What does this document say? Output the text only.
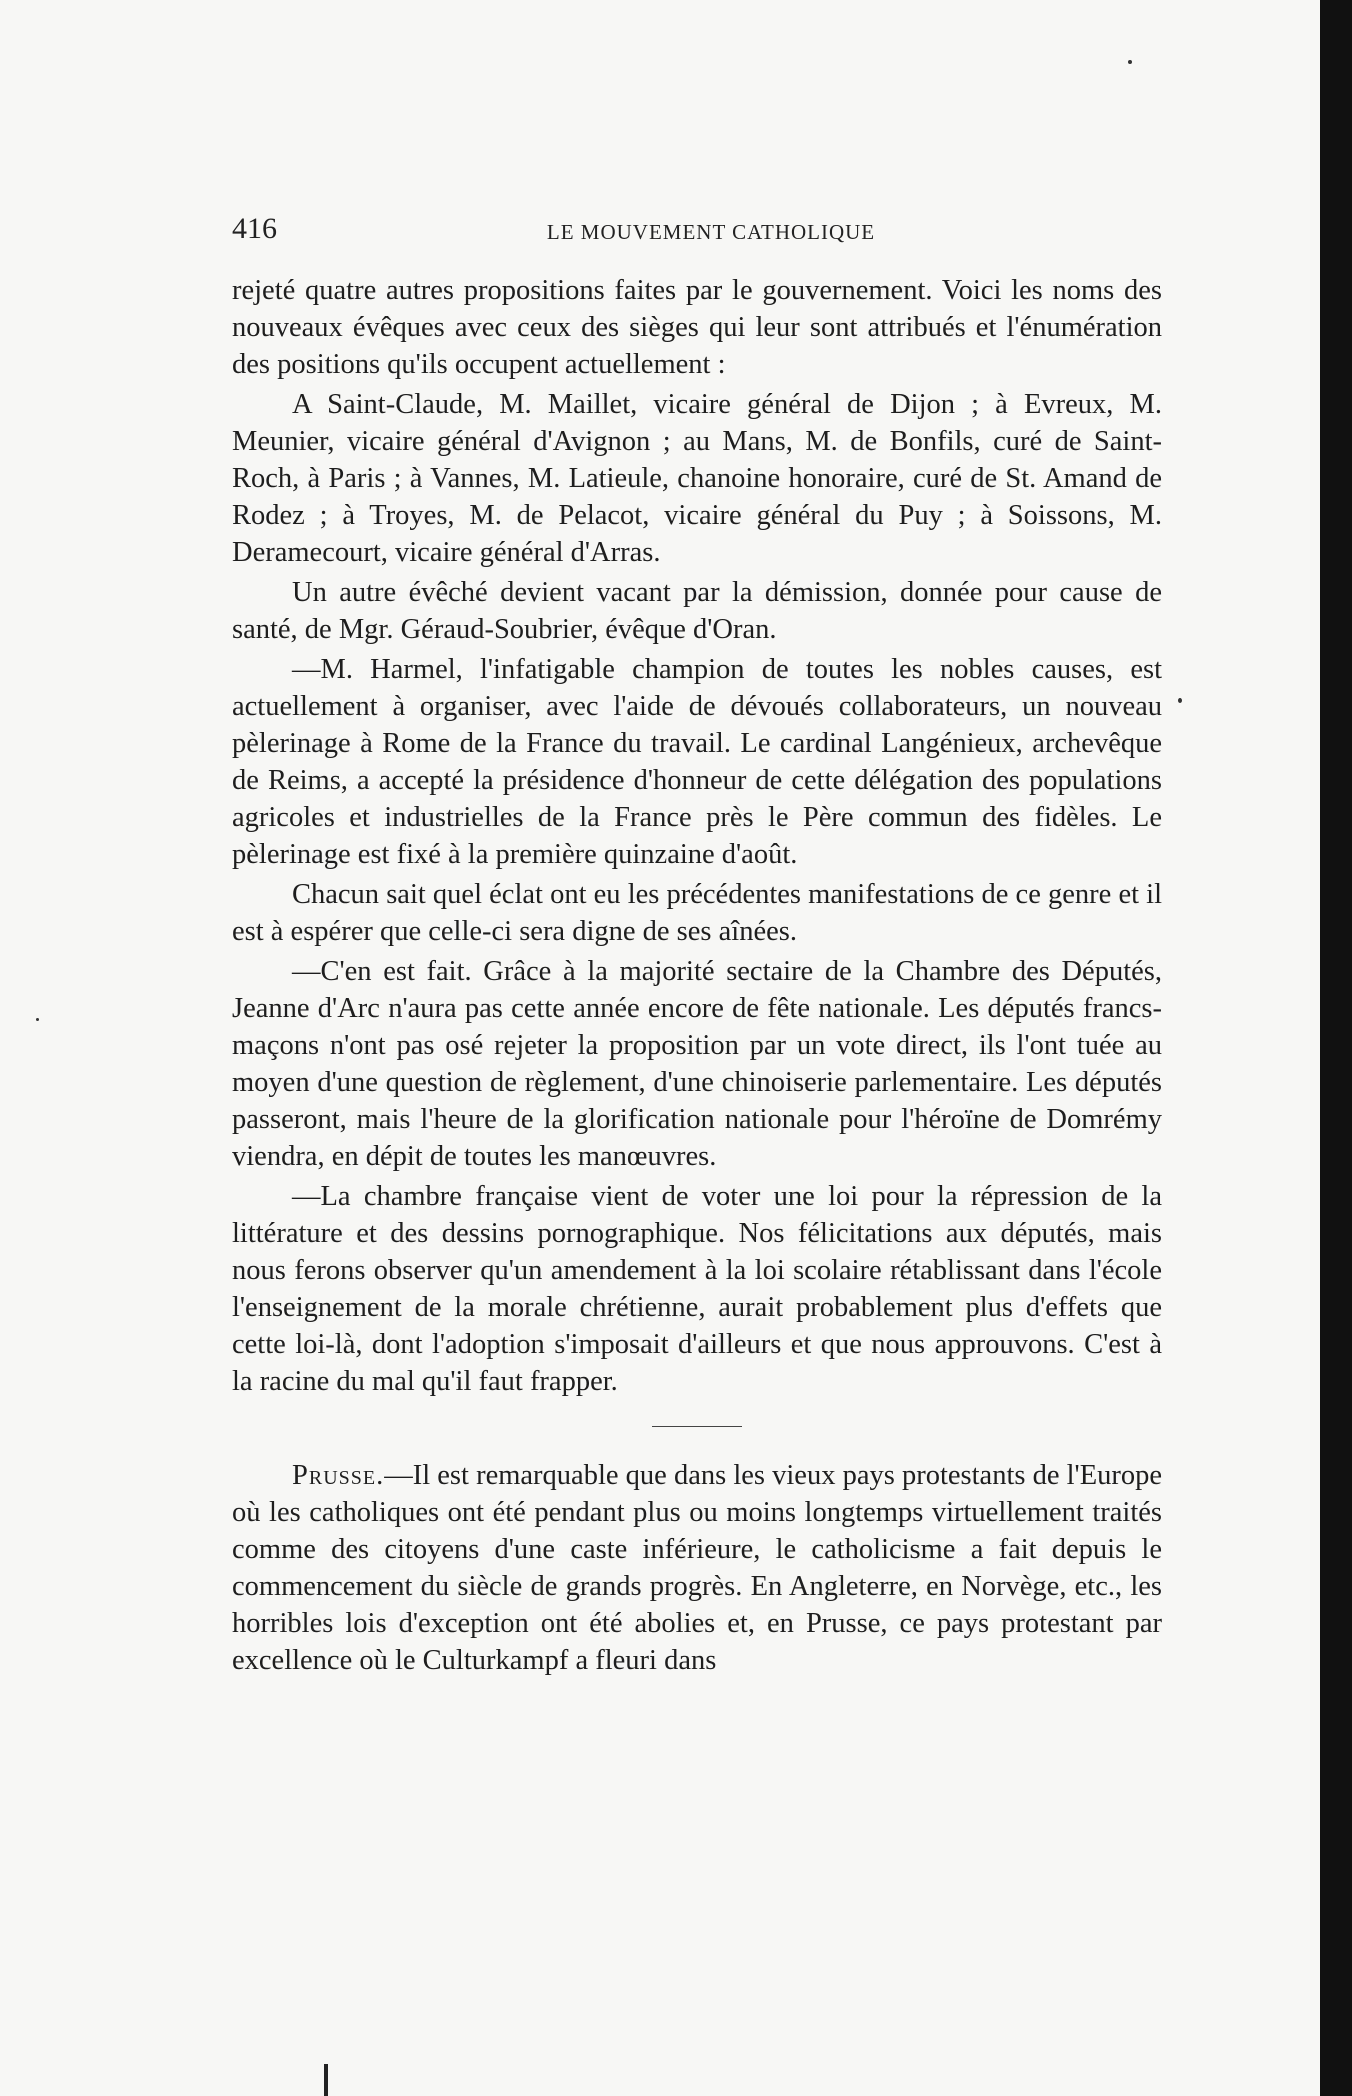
416	LE MOUVEMENT CATHOLIQUE

rejeté quatre autres propositions faites par le gouvernement. Voici les noms des nouveaux évêques avec ceux des sièges qui leur sont attribués et l'énumération des positions qu'ils occupent actuellement :

A Saint-Claude, M. Maillet, vicaire général de Dijon ; à Evreux, M. Meunier, vicaire général d'Avignon ; au Mans, M. de Bonfils, curé de Saint-Roch, à Paris ; à Vannes, M. Latieule, chanoine honoraire, curé de St. Amand de Rodez ; à Troyes, M. de Pelacot, vicaire général du Puy ; à Soissons, M. Deramecourt, vicaire général d'Arras.

Un autre évêché devient vacant par la démission, donnée pour cause de santé, de Mgr. Géraud-Soubrier, évêque d'Oran.

—M. Harmel, l'infatigable champion de toutes les nobles causes, est actuellement à organiser, avec l'aide de dévoués collaborateurs, un nouveau pèlerinage à Rome de la France du travail. Le cardinal Langénieux, archevêque de Reims, a accepté la présidence d'honneur de cette délégation des populations agricoles et industrielles de la France près le Père commun des fidèles. Le pèlerinage est fixé à la première quinzaine d'août.

Chacun sait quel éclat ont eu les précédentes manifestations de ce genre et il est à espérer que celle-ci sera digne de ses aînées.

—C'en est fait. Grâce à la majorité sectaire de la Chambre des Députés, Jeanne d'Arc n'aura pas cette année encore de fête nationale. Les députés francs-maçons n'ont pas osé rejeter la proposition par un vote direct, ils l'ont tuée au moyen d'une question de règlement, d'une chinoiserie parlementaire. Les députés passeront, mais l'heure de la glorification nationale pour l'héroïne de Domrémy viendra, en dépit de toutes les manœuvres.

—La chambre française vient de voter une loi pour la répression de la littérature et des dessins pornographique. Nos félicitations aux députés, mais nous ferons observer qu'un amendement à la loi scolaire rétablissant dans l'école l'enseignement de la morale chrétienne, aurait probablement plus d'effets que cette loi-là, dont l'adoption s'imposait d'ailleurs et que nous approuvons. C'est à la racine du mal qu'il faut frapper.

Prusse.—Il est remarquable que dans les vieux pays protestants de l'Europe où les catholiques ont été pendant plus ou moins longtemps virtuellement traités comme des citoyens d'une caste inférieure, le catholicisme a fait depuis le commencement du siècle de grands progrès. En Angleterre, en Norvège, etc., les horribles lois d'exception ont été abolies et, en Prusse, ce pays protestant par excellence où le Culturkampf a fleuri dans
